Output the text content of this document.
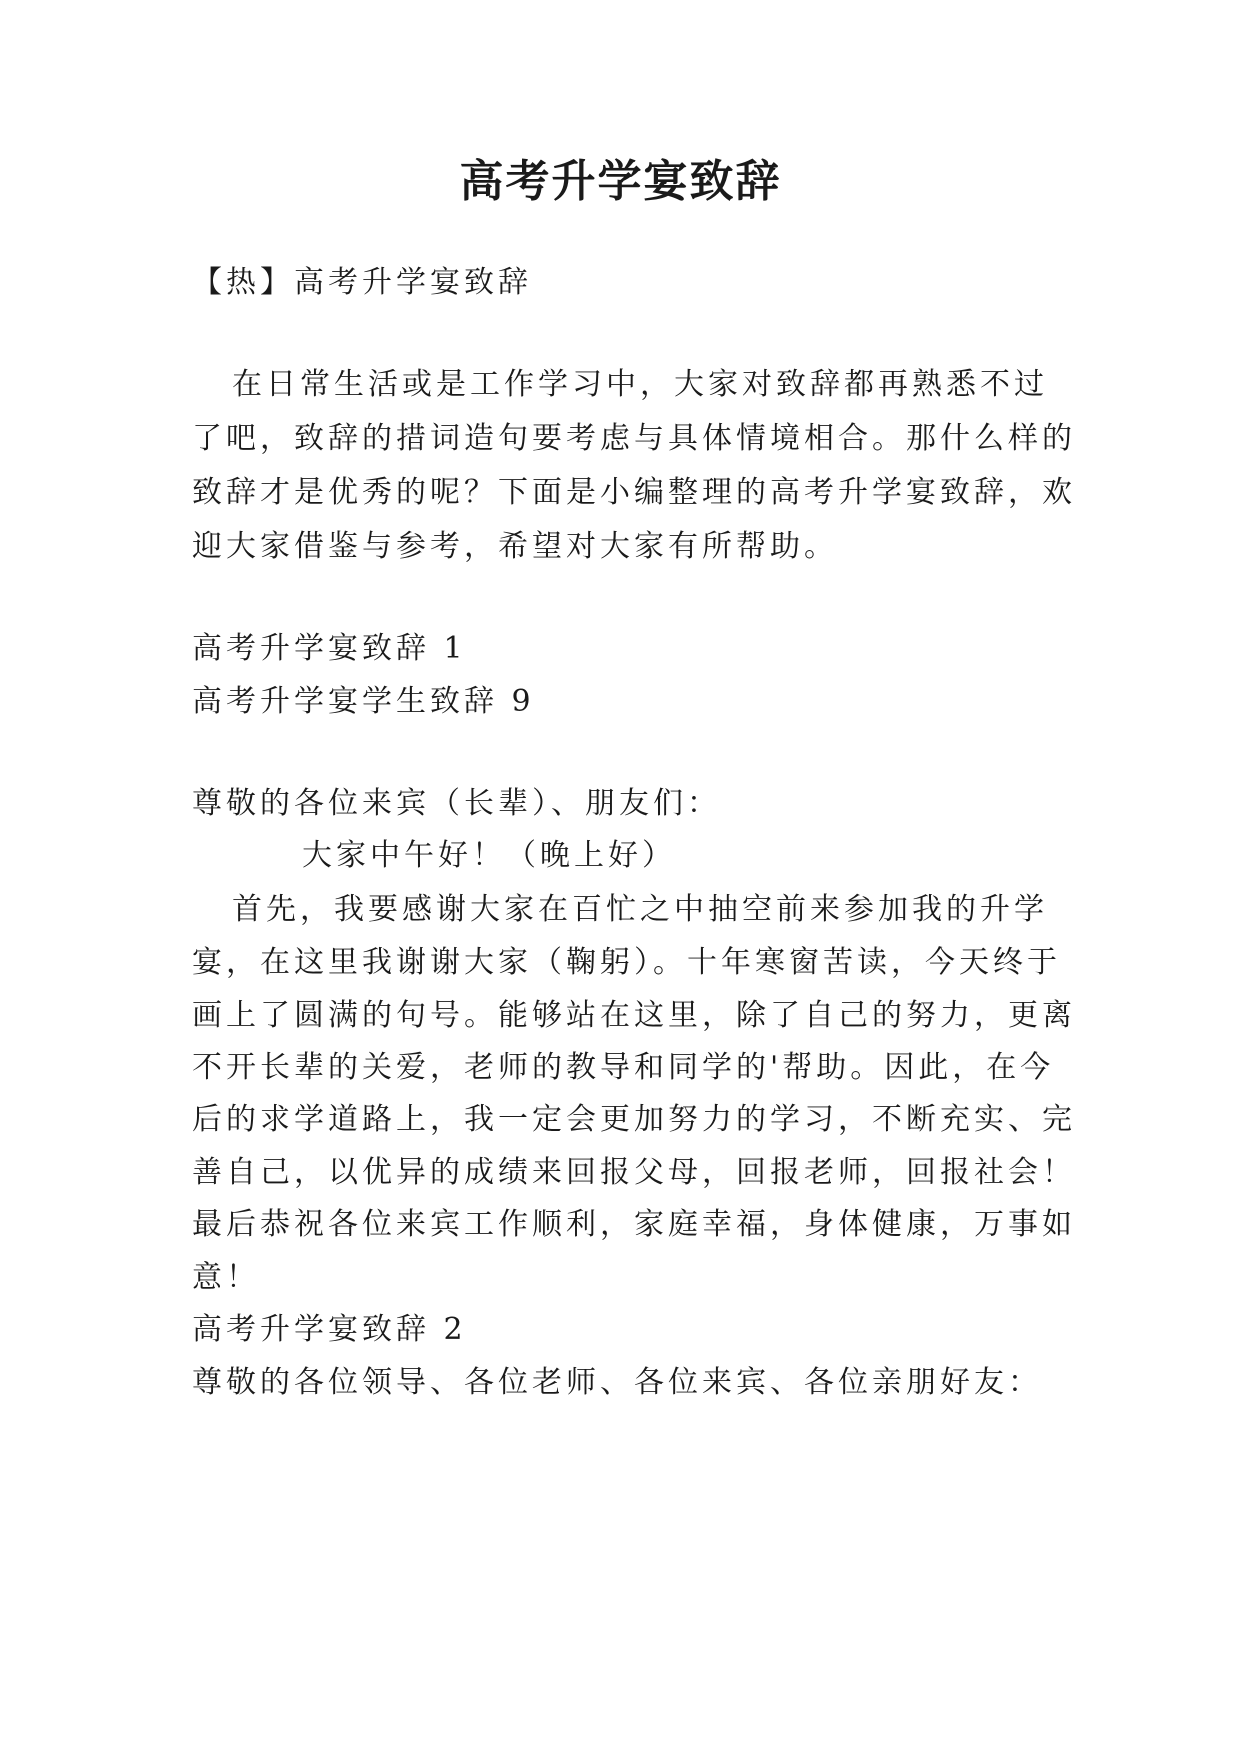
高考升学宴致辞
【热】高考升学宴致辞
在日常生活或是工作学习中，大家对致辞都再熟悉不过
了吧，致辞的措词造句要考虑与具体情境相合。那什么样的
致辞才是优秀的呢？下面是小编整理的高考升学宴致辞，欢
迎大家借鉴与参考，希望对大家有所帮助。
高考升学宴致辞 1
高考升学宴学生致辞 9
尊敬的各位来宾（长辈）、朋友们：
大家中午好！（晚上好）
首先，我要感谢大家在百忙之中抽空前来参加我的升学
宴，在这里我谢谢大家（鞠躬）。十年寒窗苦读，今天终于
画上了圆满的句号。能够站在这里，除了自己的努力，更离
不开长辈的关爱，老师的教导和同学的'帮助。因此，在今
后的求学道路上，我一定会更加努力的学习，不断充实、完
善自己，以优异的成绩来回报父母，回报老师，回报社会！
最后恭祝各位来宾工作顺利，家庭幸福，身体健康，万事如
意！
高考升学宴致辞 2
尊敬的各位领导、各位老师、各位来宾、各位亲朋好友：
